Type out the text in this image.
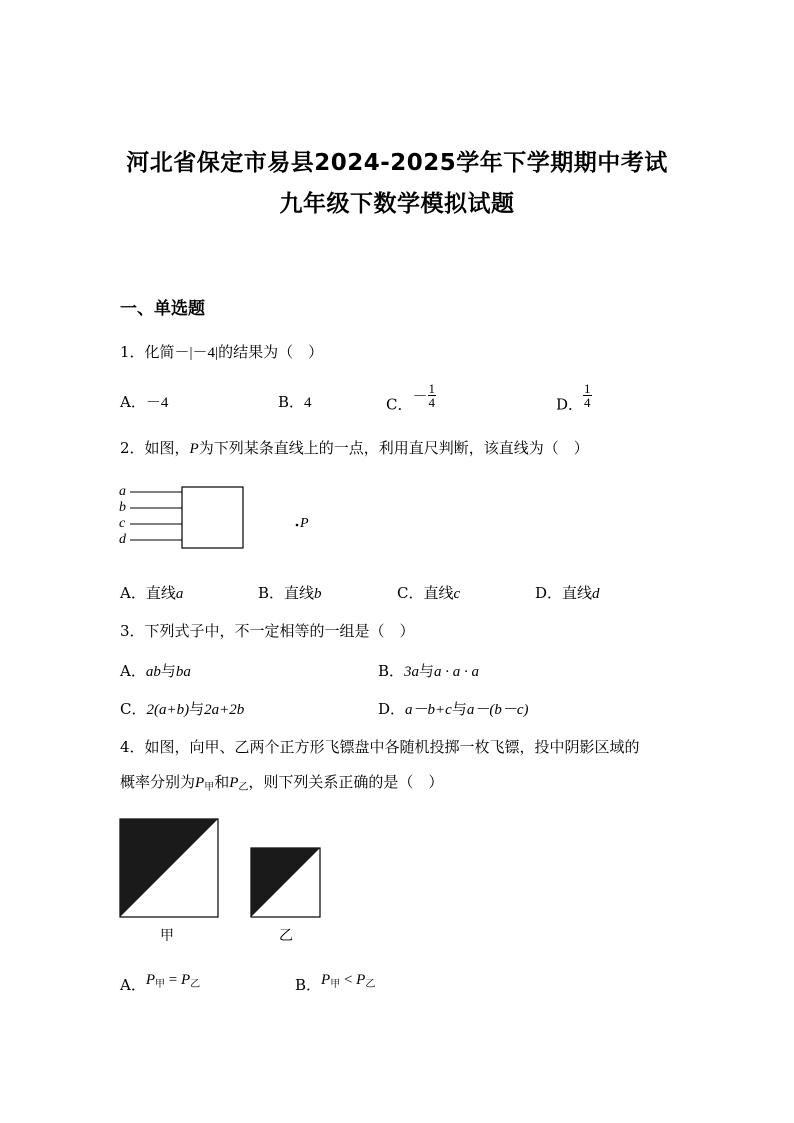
河北省保定市易县2024-2025学年下学期期中考试
九年级下数学模拟试题
一、单选题
1．化简－|－4|的结果为（　）
A．－4	B．4	C．－ $\frac{1}{4}$	D． $\frac{1}{4}$
2．如图，P为下列某条直线上的一点，利用直尺判断，该直线为（　）
a
b
c
d
P
A．直线a	B．直线b	C．直线c	D．直线d
3．下列式子中，不一定相等的一组是（　）
A．ab与ba	B．3a与a · a · a
C．2(a+b)与2a+2b	D．a－b+c与a－(b－c)
4．如图，向甲、乙两个正方形飞镖盘中各随机投掷一枚飞镖，投中阴影区域的
概率分别为$P_甲$和$P_乙$，则下列关系正确的是（　）
甲	乙
A．$P_甲 = P_乙$	B．$P_甲 < P_乙$
